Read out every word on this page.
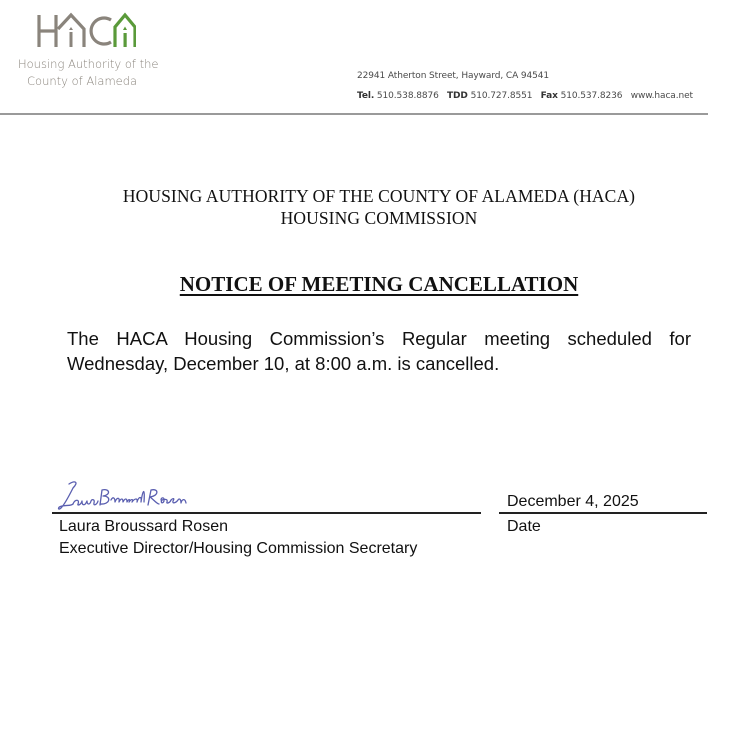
Housing Authority of the
County of Alameda	22941 Atherton Street, Hayward, CA 94541
Tel. 510.538.8876 TDD 510.727.8551 Fax 510.537.8236 www.haca.net
HOUSING AUTHORITY OF THE COUNTY OF ALAMEDA (HACA)
HOUSING COMMISSION
NOTICE OF MEETING CANCELLATION
The HACA Housing Commission’s Regular meeting scheduled for
Wednesday, December 10, at 8:00 a.m. is cancelled.
Laura Broussard Rosen
Executive Director/Housing Commission Secretary
December 4, 2025
Date
